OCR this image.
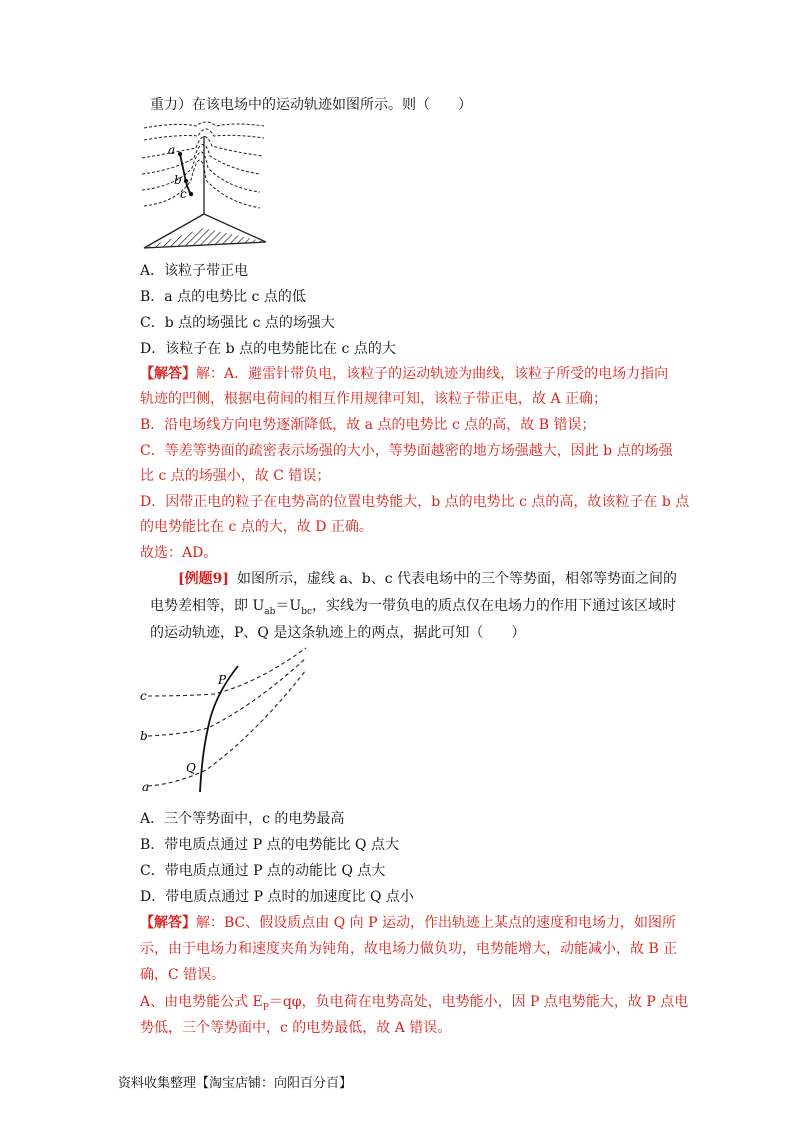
重力）在该电场中的运动轨迹如图所示。则（　　）
a
b
c
A．该粒子带正电
B．a 点的电势比 c 点的低
C．b 点的场强比 c 点的场强大
D．该粒子在 b 点的电势能比在 c 点的大
【解答】解：A．避雷针带负电，该粒子的运动轨迹为曲线，该粒子所受的电场力指向
轨迹的凹侧，根据电荷间的相互作用规律可知，该粒子带正电，故 A 正确；
B．沿电场线方向电势逐渐降低，故 a 点的电势比 c 点的高，故 B 错误；
C．等差等势面的疏密表示场强的大小，等势面越密的地方场强越大，因此 b 点的场强
比 c 点的场强小，故 C 错误；
D．因带正电的粒子在电势高的位置电势能大，b 点的电势比 c 点的高，故该粒子在 b 点
的电势能比在 c 点的大，故 D 正确。
故选：AD。
[例题9] 如图所示，虚线 a、b、c 代表电场中的三个等势面，相邻等势面之间的
电势差相等，即 $U_{ab}=U_{bc}$，实线为一带负电的质点仅在电场力的作用下通过该区域时
的运动轨迹，P、Q 是这条轨迹上的两点，据此可知（　　）
c
b
a
P
Q
A．三个等势面中，c 的电势最高
B．带电质点通过 P 点的电势能比 Q 点大
C．带电质点通过 P 点的动能比 Q 点大
D．带电质点通过 P 点时的加速度比 Q 点小
【解答】解：BC、假设质点由 Q 向 P 运动，作出轨迹上某点的速度和电场力，如图所
示，由于电场力和速度夹角为钝角，故电场力做负功，电势能增大，动能减小，故 B 正
确，C 错误。
A、由电势能公式 $E_P=q\varphi$，负电荷在电势高处，电势能小，因 P 点电势能大，故 P 点电
势低，三个等势面中，c 的电势最低，故 A 错误。
资料收集整理【淘宝店铺：向阳百分百】
